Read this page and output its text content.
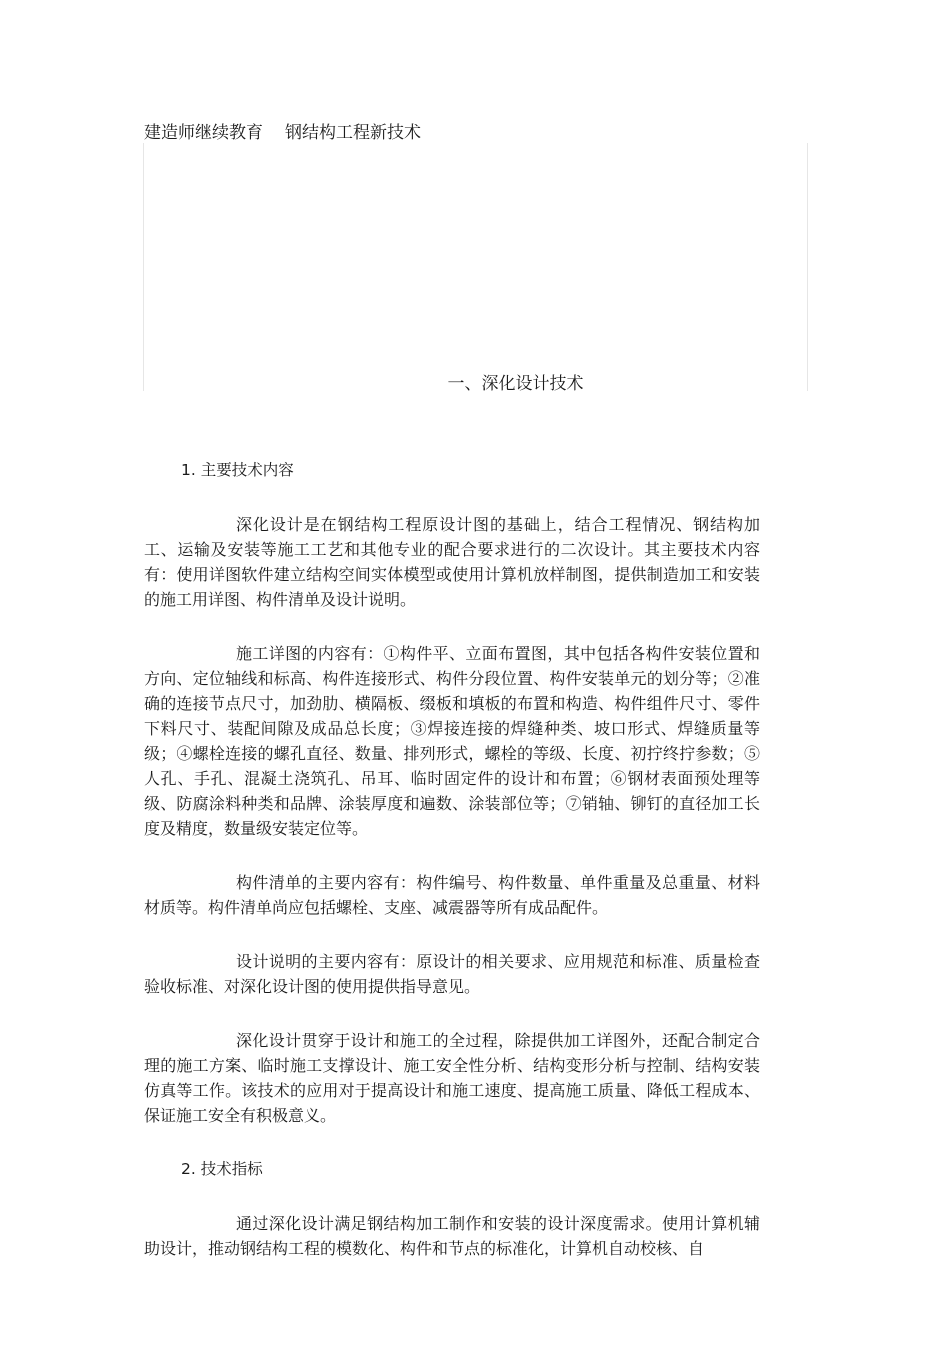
建造师继续教育 钢结构工程新技术
一、深化设计技术
1. 主要技术内容

深化设计是在钢结构工程原设计图的基础上，结合工程情况、钢结构加工、运输及安装等施工工艺和其他专业的配合要求进行的二次设计。其主要技术内容有：使用详图软件建立结构空间实体模型或使用计算机放样制图，提供制造加工和安装的施工用详图、构件清单及设计说明。

施工详图的内容有：①构件平、立面布置图，其中包括各构件安装位置和方向、定位轴线和标高、构件连接形式、构件分段位置、构件安装单元的划分等；②准确的连接节点尺寸，加劲肋、横隔板、缀板和填板的布置和构造、构件组件尺寸、零件下料尺寸、装配间隙及成品总长度；③焊接连接的焊缝种类、坡口形式、焊缝质量等级；④螺栓连接的螺孔直径、数量、排列形式，螺栓的等级、长度、初拧终拧参数；⑤人孔、手孔、混凝土浇筑孔、吊耳、临时固定件的设计和布置；⑥钢材表面预处理等级、防腐涂料种类和品牌、涂装厚度和遍数、涂装部位等；⑦销轴、铆钉的直径加工长度及精度，数量级安装定位等。

构件清单的主要内容有：构件编号、构件数量、单件重量及总重量、材料材质等。构件清单尚应包括螺栓、支座、减震器等所有成品配件。

设计说明的主要内容有：原设计的相关要求、应用规范和标准、质量检查验收标准、对深化设计图的使用提供指导意见。

深化设计贯穿于设计和施工的全过程，除提供加工详图外，还配合制定合理的施工方案、临时施工支撑设计、施工安全性分析、结构变形分析与控制、结构安装仿真等工作。该技术的应用对于提高设计和施工速度、提高施工质量、降低工程成本、保证施工安全有积极意义。

2. 技术指标

通过深化设计满足钢结构加工制作和安装的设计深度需求。使用计算机辅助设计，推动钢结构工程的模数化、构件和节点的标准化，计算机自动校核、自
